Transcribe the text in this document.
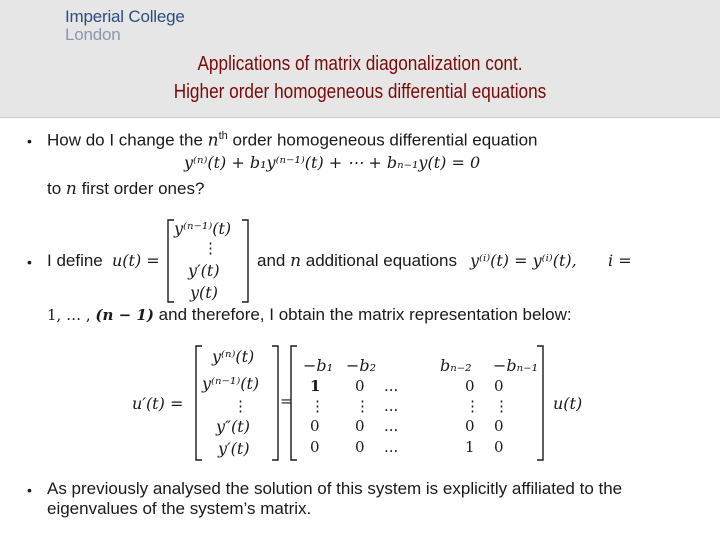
Imperial College
London
Applications of matrix diagonalization cont.
Higher order homogeneous differential equations
• How do I change the $n^{th}$ order homogeneous differential equation
y⁽ⁿ⁾(t) + b₁y⁽ⁿ⁻¹⁾(t) + ⋯ + bₙ₋₁y(t) = 0
to n first order ones?
• I define u(t) =
y⁽ⁿ⁻¹⁾(t)
⋮
y′(t)
y(t)
and n additional equations y⁽ⁱ⁾(t) = y⁽ⁱ⁾(t), i =
1, … , (n − 1) and therefore, I obtain the matrix representation below:
u′(t) =
y⁽ⁿ⁾(t)
y⁽ⁿ⁻¹⁾(t)
⋮
y″(t)
y′(t)
=
−b₁ −b₂	bₙ₋₂ −bₙ₋₁
1 0 ...	0 0
⋮ ⋮ ...	⋮ ⋮
0 0 ...	0 0
0 0 ...	1 0
u(t)
• As previously analysed the solution of this system is explicitly affiliated to the
eigenvalues of the system’s matrix.
